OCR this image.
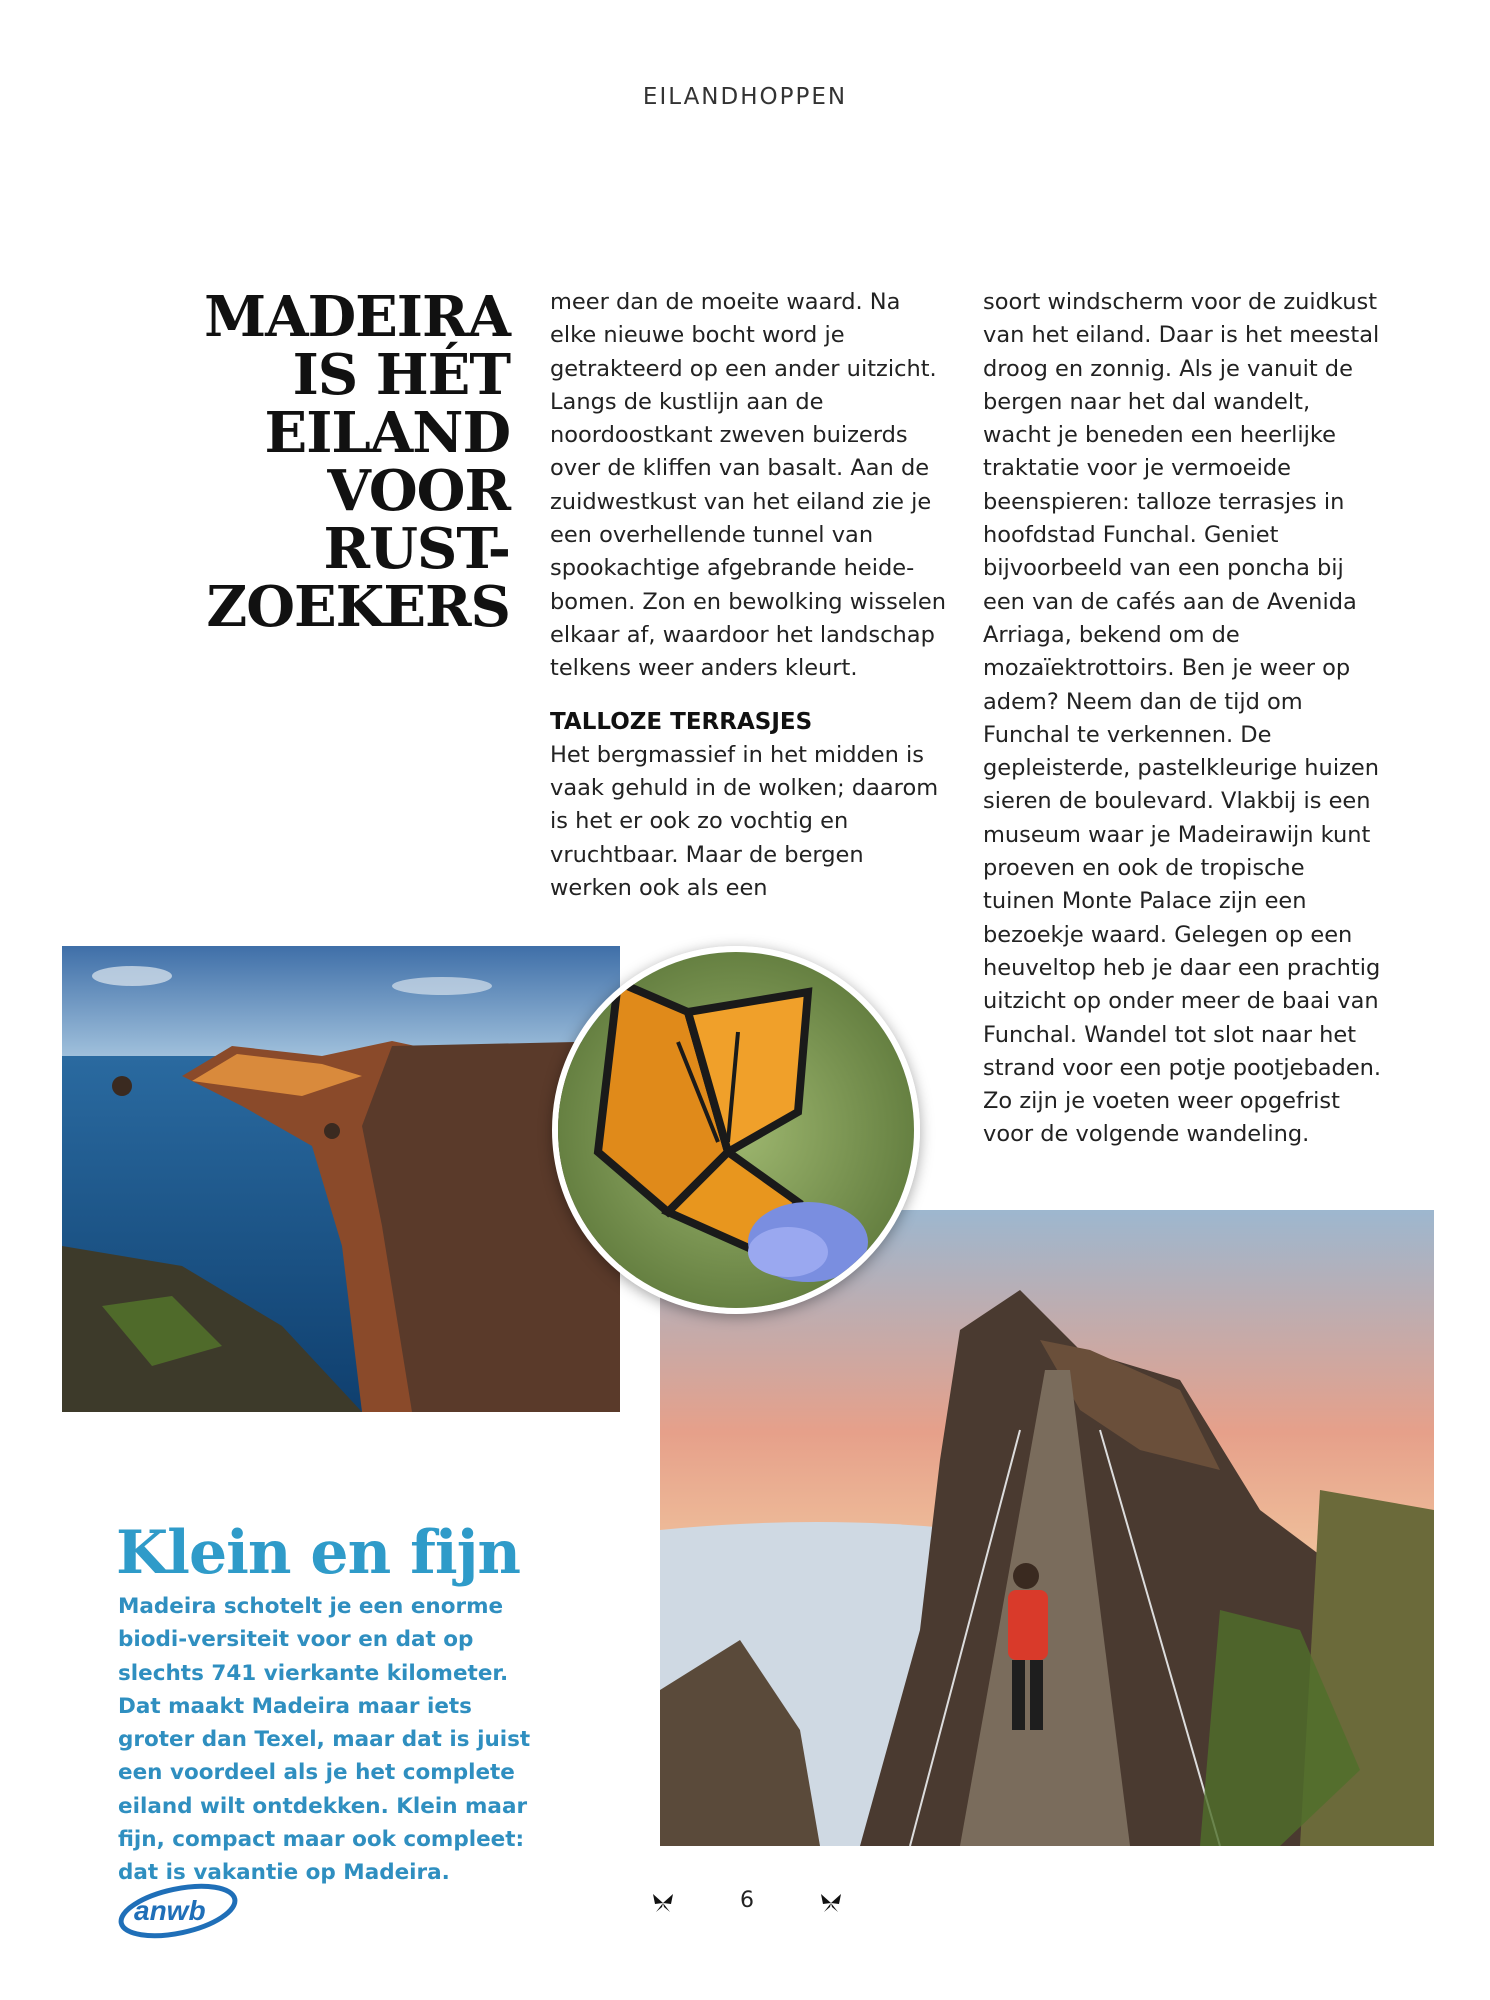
EILANDHOPPEN
MADEIRA
IS HÉT
EILAND
VOOR
RUST-
ZOEKERS

meer dan de moeite waard. Na elke nieuwe bocht word je getrakteerd op een ander uitzicht. Langs de kustlijn aan de noordoostkant zweven buizerds over de kliffen van basalt. Aan de zuidwestkust van het eiland zie je een overhellende tunnel van spookachtige afgebrande heide-bomen. Zon en bewolking wisselen elkaar af, waardoor het landschap telkens weer anders kleurt.

TALLOZE TERRASJES

Het bergmassief in het midden is vaak gehuld in de wolken; daarom is het er ook zo vochtig en vruchtbaar. Maar de bergen werken ook als een

soort windscherm voor de zuidkust van het eiland. Daar is het meestal droog en zonnig. Als je vanuit de bergen naar het dal wandelt, wacht je beneden een heerlijke traktatie voor je vermoeide beenspieren: talloze terrasjes in hoofdstad Funchal. Geniet bijvoorbeeld van een poncha bij een van de cafés aan de Avenida Arriaga, bekend om de mozaïektrottoirs. Ben je weer op adem? Neem dan de tijd om Funchal te verkennen. De gepleisterde, pastelkleurige huizen sieren de boulevard. Vlakbij is een museum waar je Madeirawijn kunt proeven en ook de tropische tuinen Monte Palace zijn een bezoekje waard. Gelegen op een heuveltop heb je daar een prachtig uitzicht op onder meer de baai van Funchal. Wandel tot slot naar het strand voor een potje pootjebaden. Zo zijn je voeten weer opgefrist voor de volgende wandeling.

Klein en fijn
Madeira schotelt je een enorme biodi-versiteit voor en dat op slechts 741 vierkante kilometer. Dat maakt Madeira maar iets groter dan Texel, maar dat is juist een voordeel als je het complete eiland wilt ontdekken. Klein maar fijn, compact maar ook compleet: dat is vakantie op Madeira.
anwb	6
